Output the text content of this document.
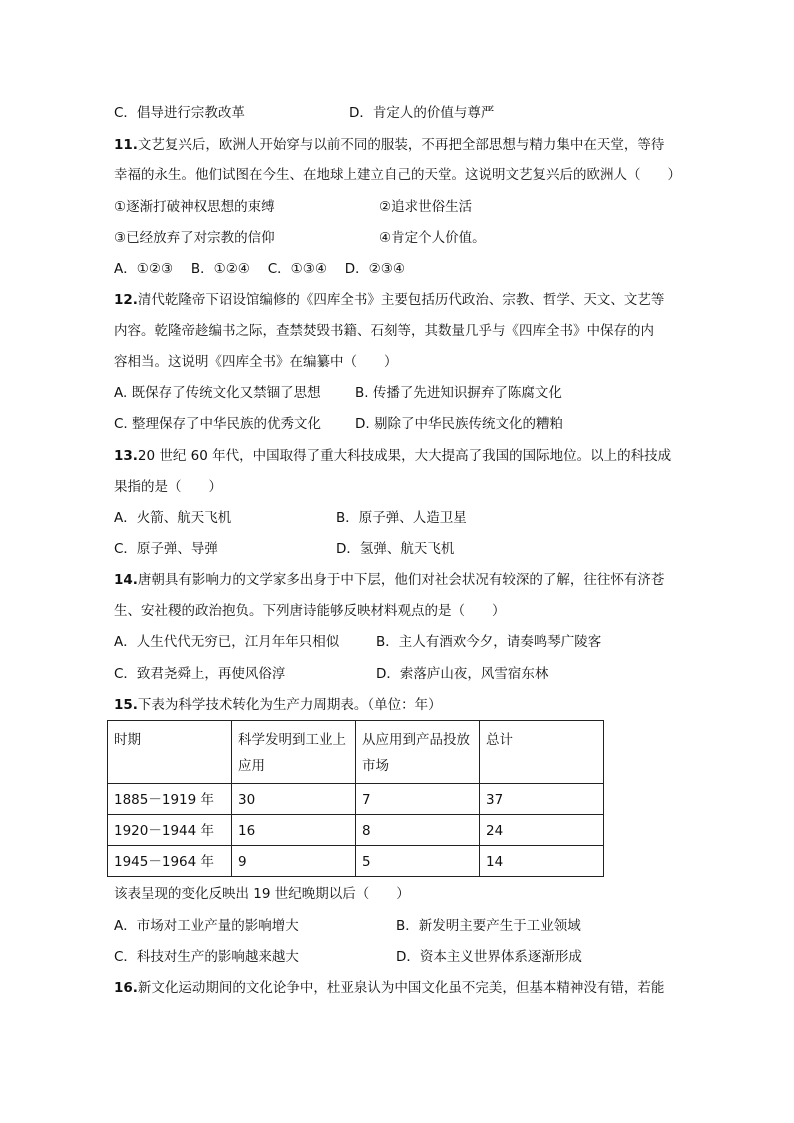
C．倡导进行宗教改革	D．肯定人的价值与尊严
11.文艺复兴后，欧洲人开始穿与以前不同的服装，不再把全部思想与精力集中在天堂，等待
幸福的永生。他们试图在今生、在地球上建立自己的天堂。这说明文艺复兴后的欧洲人（　　）
①逐渐打破神权思想的束缚	②追求世俗生活
③已经放弃了对宗教的信仰	④肯定个人价值。
A．①②③　 B．①②④　 C．①③④　 D．②③④
12.清代乾隆帝下诏设馆编修的《四库全书》主要包括历代政治、宗教、哲学、天文、文艺等
内容。乾隆帝趁编书之际，查禁焚毁书籍、石刻等，其数量几乎与《四库全书》中保存的内
容相当。这说明《四库全书》在编纂中（　　）
A. 既保存了传统文化又禁锢了思想	B. 传播了先进知识摒弃了陈腐文化
C. 整理保存了中华民族的优秀文化	D. 剔除了中华民族传统文化的糟粕
13.20 世纪 60 年代，中国取得了重大科技成果，大大提高了我国的国际地位。以上的科技成
果指的是（　　）
A．火箭、航天飞机	B．原子弹、人造卫星
C．原子弹、导弹	D．氢弹、航天飞机
14.唐朝具有影响力的文学家多出身于中下层，他们对社会状况有较深的了解，往往怀有济苍
生、安社稷的政治抱负。下列唐诗能够反映材料观点的是（　　）
A．人生代代无穷已，江月年年只相似	B．主人有酒欢今夕，请奏鸣琴广陵客
C．致君尧舜上，再使风俗淳	D．索落庐山夜，风雪宿东林
15.下表为科学技术转化为生产力周期表。（单位：年）
时期	科学发明到工业上应用	从应用到产品投放市场	总计
1885－1919 年	30	7	37
1920－1944 年	16	8	24
1945－1964 年	9	5	14
该表呈现的变化反映出 19 世纪晚期以后（　　）
A．市场对工业产量的影响增大	B．新发明主要产生于工业领域
C．科技对生产的影响越来越大	D．资本主义世界体系逐渐形成
16.新文化运动期间的文化论争中，杜亚泉认为中国文化虽不完美，但基本精神没有错，若能
